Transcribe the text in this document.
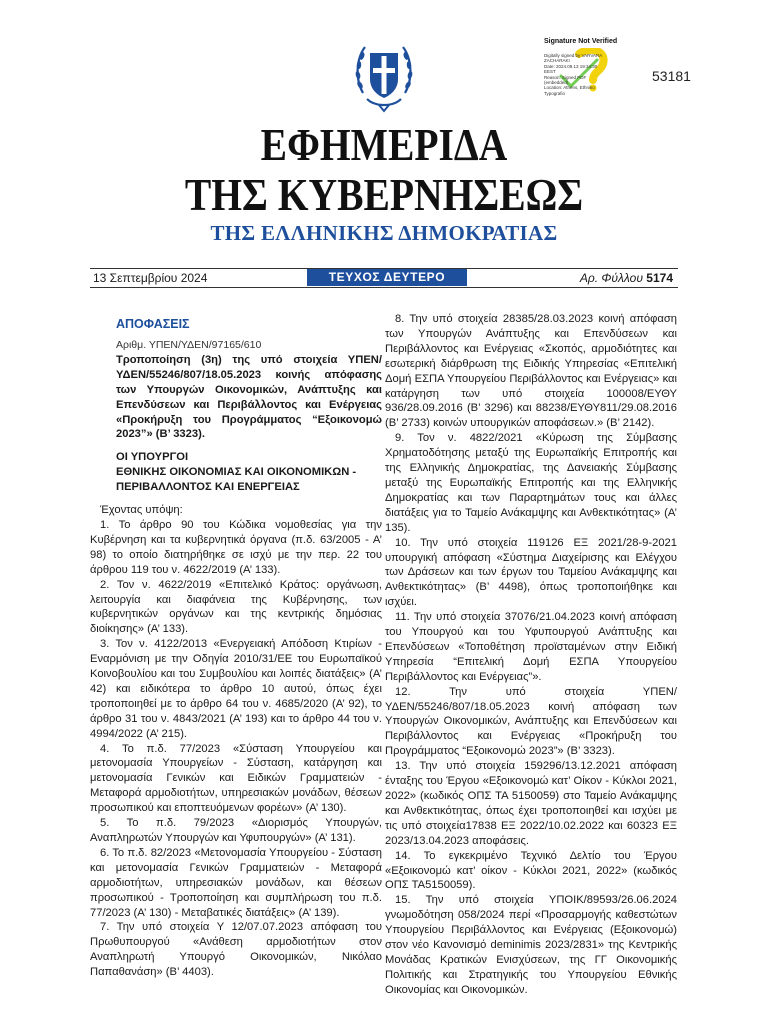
Signature Not Verified
Digitally signed by VARVARA ZACHARAKI
Date: 2024.09.13 19:34:30 EEST
Reason: Signed PDF (embedded)
Location: Athens, Ethniko Typografio
53181
ΕΦΗΜΕΡΙΔΑ
ΤΗΣ ΚΥΒΕΡΝΗΣΕΩΣ
ΤΗΣ ΕΛΛΗΝΙΚΗΣ ΔΗΜΟΚΡΑΤΙΑΣ
13 Σεπτεμβρίου 2024	ΤΕΥΧΟΣ ΔΕΥΤΕΡΟ	Αρ. Φύλλου 5174

ΑΠΟΦΑΣΕΙΣ

Αριθμ. ΥΠΕΝ/ΥΔΕΝ/97165/610

Τροποποίηση (3η) της υπό στοιχεία ΥΠΕΝ/ΥΔΕΝ/55246/807/18.05.2023 κοινής απόφασης των Υπουργών Οικονομικών, Ανάπτυξης και Επενδύσεων και Περιβάλλοντος και Ενέργειας «Προκήρυξη του Προγράμματος “Εξοικονομώ 2023”» (Β’ 3323).

ΟΙ ΥΠΟΥΡΓΟΙ
ΕΘΝΙΚΗΣ ΟΙΚΟΝΟΜΙΑΣ ΚΑΙ ΟΙΚΟΝΟΜΙΚΩΝ -
ΠΕΡΙΒΑΛΛΟΝΤΟΣ ΚΑΙ ΕΝΕΡΓΕΙΑΣ

Έχοντας υπόψη:

1. Το άρθρο 90 του Κώδικα νομοθεσίας για την Κυβέρνηση και τα κυβερνητικά όργανα (π.δ. 63/2005 - Α’ 98) το οποίο διατηρήθηκε σε ισχύ με την περ. 22 του άρθρου 119 του ν. 4622/2019 (Α’ 133).

2. Τον ν. 4622/2019 «Επιτελικό Κράτος: οργάνωση, λειτουργία και διαφάνεια της Κυβέρνησης, των κυβερνητικών οργάνων και της κεντρικής δημόσιας διοίκησης» (Α’ 133).

3. Τον ν. 4122/2013 «Ενεργειακή Απόδοση Κτιρίων - Εναρμόνιση με την Οδηγία 2010/31/ΕΕ του Ευρωπαϊκού Κοινοβουλίου και του Συμβουλίου και λοιπές διατάξεις» (Α’ 42) και ειδικότερα το άρθρο 10 αυτού, όπως έχει τροποποιηθεί με το άρθρο 64 του ν. 4685/2020 (Α’ 92), το άρθρο 31 του ν. 4843/2021 (Α’ 193) και το άρθρο 44 του ν. 4994/2022 (Α’ 215).

4. Το π.δ. 77/2023 «Σύσταση Υπουργείου και μετονομασία Υπουργείων - Σύσταση, κατάργηση και μετονομασία Γενικών και Ειδικών Γραμματειών - Μεταφορά αρμοδιοτήτων, υπηρεσιακών μονάδων, θέσεων προσωπικού και εποπτευόμενων φορέων» (Α’ 130).

5. Το π.δ. 79/2023 «Διορισμός Υπουργών, Αναπληρωτών Υπουργών και Υφυπουργών» (Α’ 131).

6. Το π.δ. 82/2023 «Μετονομασία Υπουργείου - Σύσταση και μετονομασία Γενικών Γραμματειών - Μεταφορά αρμοδιοτήτων, υπηρεσιακών μονάδων, και θέσεων προσωπικού - Τροποποίηση και συμπλήρωση του π.δ. 77/2023 (Α’ 130) - Μεταβατικές διατάξεις» (Α’ 139).

7. Την υπό στοιχεία Υ 12/07.07.2023 απόφαση του Πρωθυπουργού «Ανάθεση αρμοδιοτήτων στον Αναπληρωτή Υπουργό Οικονομικών, Νικόλαο Παπαθανάση» (Β’ 4403).

8. Την υπό στοιχεία 28385/28.03.2023 κοινή απόφαση των Υπουργών Ανάπτυξης και Επενδύσεων και Περιβάλλοντος και Ενέργειας «Σκοπός, αρμοδιότητες και εσωτερική διάρθρωση της Ειδικής Υπηρεσίας «Επιτελική Δομή ΕΣΠΑ Υπουργείου Περιβάλλοντος και Ενέργειας» και κατάργηση των υπό στοιχεία 100008/ΕΥΘΥ 936/28.09.2016 (Β’ 3296) και 88238/ΕΥΘΥ811/29.08.2016 (Β’ 2733) κοινών υπουργικών αποφάσεων.» (Β’ 2142).

9. Τον ν. 4822/2021 «Κύρωση της Σύμβασης Χρηματοδότησης μεταξύ της Ευρωπαϊκής Επιτροπής και της Ελληνικής Δημοκρατίας, της Δανειακής Σύμβασης μεταξύ της Ευρωπαϊκής Επιτροπής και της Ελληνικής Δημοκρατίας και των Παραρτημάτων τους και άλλες διατάξεις για το Ταμείο Ανάκαμψης και Ανθεκτικότητας» (Α’ 135).

10. Την υπό στοιχεία 119126 ΕΞ 2021/28-9-2021 υπουργική απόφαση «Σύστημα Διαχείρισης και Ελέγχου των Δράσεων και των έργων του Ταμείου Ανάκαμψης και Ανθεκτικότητας» (Β’ 4498), όπως τροποποιήθηκε και ισχύει.

11. Την υπό στοιχεία 37076/21.04.2023 κοινή απόφαση του Υπουργού και του Υφυπουργού Ανάπτυξης και Επενδύσεων «Τοποθέτηση προϊσταμένων στην Ειδική Υπηρεσία “Επιτελική Δομή ΕΣΠΑ Υπουργείου Περιβάλλοντος και Ενέργειας”».

12. Την υπό στοιχεία ΥΠΕΝ/ΥΔΕΝ/55246/807/18.05.2023 κοινή απόφαση των Υπουργών Οικονομικών, Ανάπτυξης και Επενδύσεων και Περιβάλλοντος και Ενέργειας «Προκήρυξη του Προγράμματος “Εξοικονομώ 2023”» (Β’ 3323).

13. Την υπό στοιχεία 159296/13.12.2021 απόφαση ένταξης του Έργου «Εξοικονομώ κατ’ Οίκον - Κύκλοι 2021, 2022» (κωδικός ΟΠΣ ΤΑ 5150059) στο Ταμείο Ανάκαμψης και Ανθεκτικότητας, όπως έχει τροποποιηθεί και ισχύει με τις υπό στοιχεία17838 ΕΞ 2022/10.02.2022 και 60323 ΕΞ 2023/13.04.2023 αποφάσεις.

14. Το εγκεκριμένο Τεχνικό Δελτίο του Έργου «Εξοικονομώ κατ’ οίκον - Κύκλοι 2021, 2022» (κωδικός ΟΠΣ ΤΑ5150059).

15. Την υπό στοιχεία ΥΠΟΙΚ/89593/26.06.2024 γνωμοδότηση 058/2024 περί «Προσαρμογής καθεστώτων Υπουργείου Περιβάλλοντος και Ενέργειας (Εξοικονομώ) στον νέο Κανονισμό deminimis 2023/2831» της Κεντρικής Μονάδας Κρατικών Ενισχύσεων, της ΓΓ Οικονομικής Πολιτικής και Στρατηγικής του Υπουργείου Εθνικής Οικονομίας και Οικονομικών.
